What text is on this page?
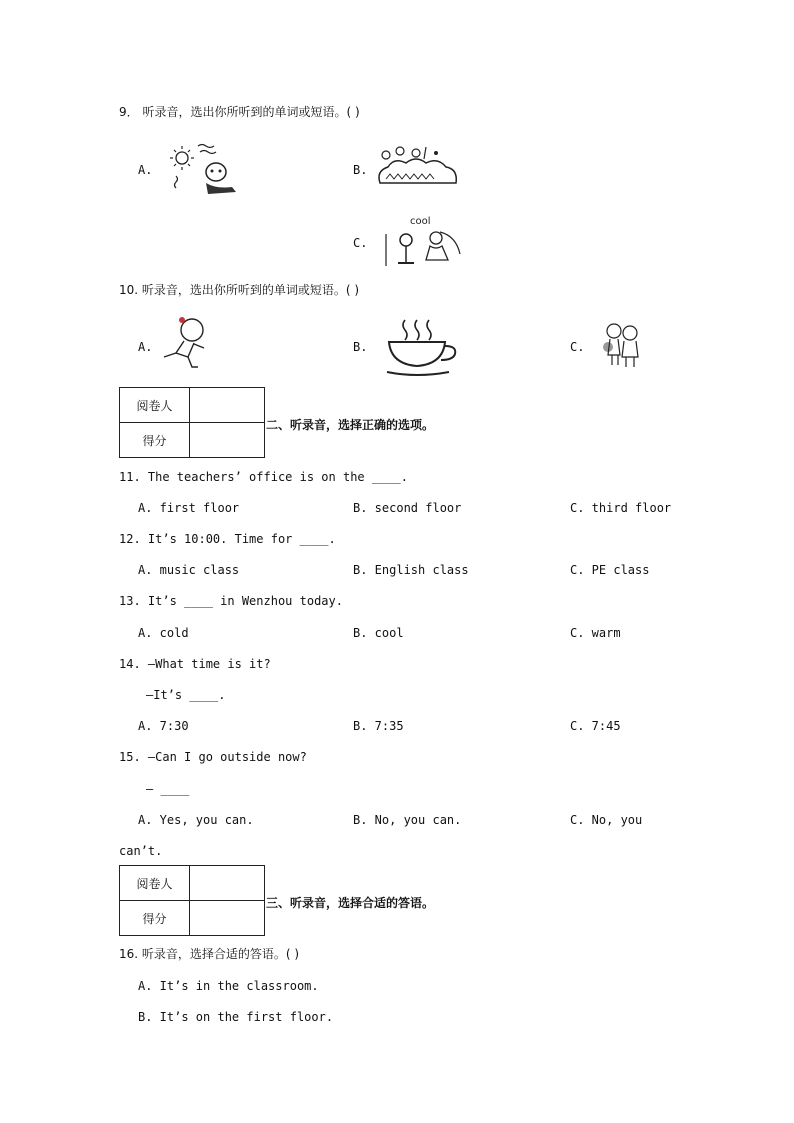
9． 听录音，选出你所听到的单词或短语。( )
A.	B.
C.
cool
10. 听录音，选出你所听到的单词或短语。( )
A.	B.	C.
阅卷人	
得分	
二、听录音，选择正确的选项。
11. The teachers’ office is on the ____.
A. first floor	B. second floor	C. third floor
12. It’s 10:00. Time for ____.
A. music class	B. English class	C. PE class
13. It’s ____ in Wenzhou today.
A. cold	B. cool	C. warm
14. —What time is it?
—It’s ____.
A. 7:30	B. 7:35	C. 7:45
15. —Can I go outside now?
— ____
A. Yes, you can.	B. No, you can.	C. No, you
can’t.
阅卷人	
得分	
三、听录音，选择合适的答语。
16. 听录音，选择合适的答语。( )
A. It’s in the classroom.
B. It’s on the first floor.
